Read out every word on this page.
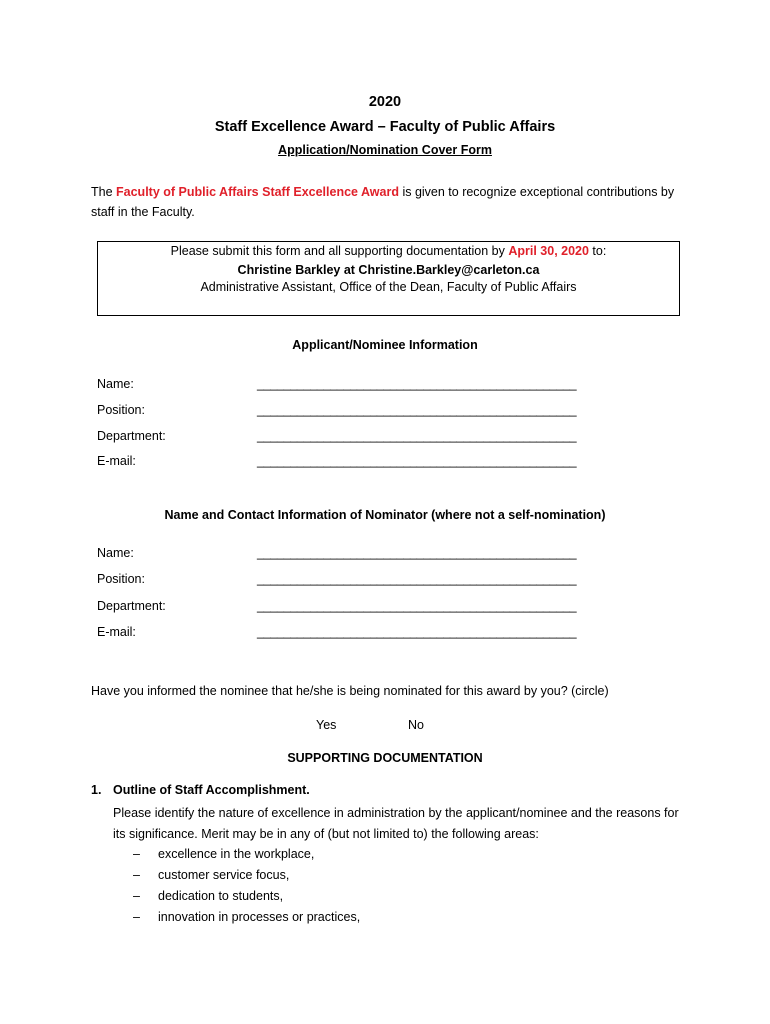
2020
Staff Excellence Award – Faculty of Public Affairs
Application/Nomination Cover Form
The Faculty of Public Affairs Staff Excellence Award is given to recognize exceptional contributions by staff in the Faculty.
Please submit this form and all supporting documentation by April 30, 2020 to:
Christine Barkley at Christine.Barkley@carleton.ca
Administrative Assistant, Office of the Dean, Faculty of Public Affairs
Applicant/Nominee Information
Name:	________________________________________________
Position:	________________________________________________
Department:	________________________________________________
E-mail:	________________________________________________
Name and Contact Information of Nominator (where not a self-nomination)
Name:	________________________________________________
Position:	________________________________________________
Department:	________________________________________________
E-mail:	________________________________________________
Have you informed the nominee that he/she is being nominated for this award by you? (circle)
Yes	No
SUPPORTING DOCUMENTATION
1. Outline of Staff Accomplishment.
Please identify the nature of excellence in administration by the applicant/nominee and the reasons for its significance. Merit may be in any of (but not limited to) the following areas:
– excellence in the workplace,
– customer service focus,
– dedication to students,
– innovation in processes or practices,
